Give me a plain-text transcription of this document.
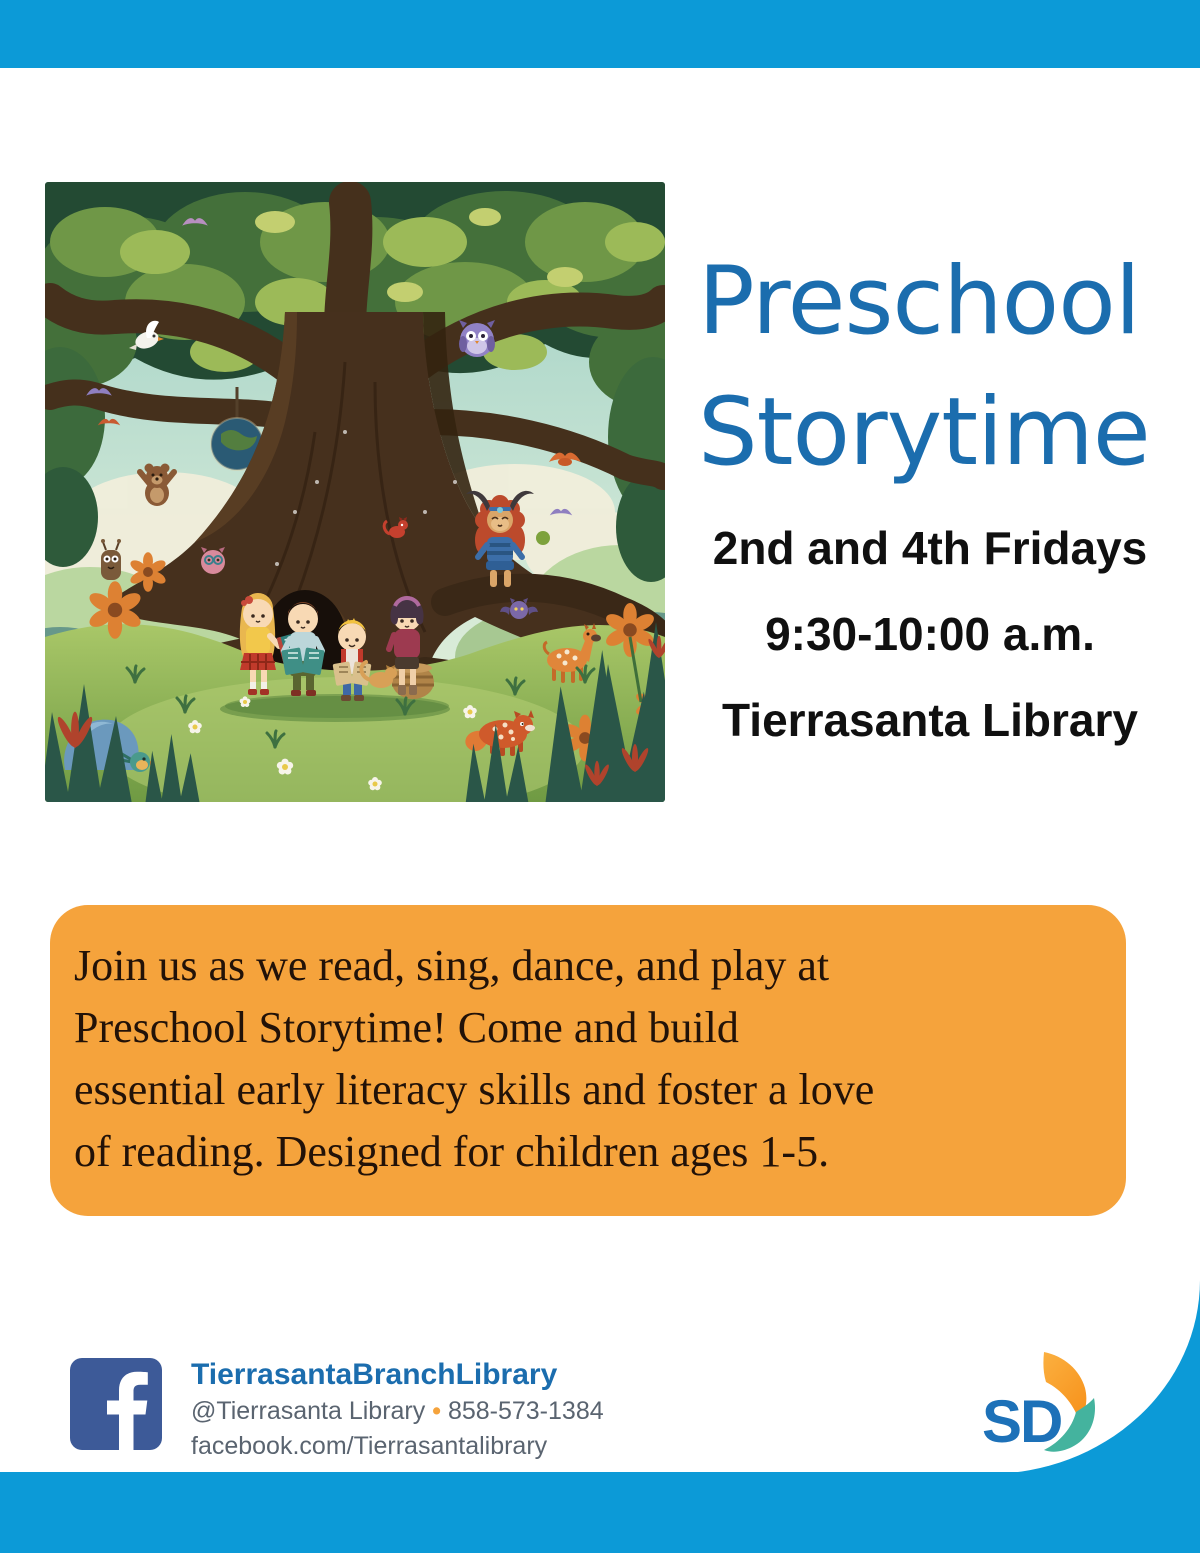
Preschool
Storytime
2nd and 4th Fridays
9:30-10:00 a.m.
Tierrasanta Library
Join us as we read, sing, dance, and play at
Preschool Storytime! Come and build
essential early literacy skills and foster a love
of reading. Designed for children ages 1-5.
TierrasantaBranchLibrary
@Tierrasanta Library • 858-573-1384
facebook.com/Tierrasantalibrary	SD
